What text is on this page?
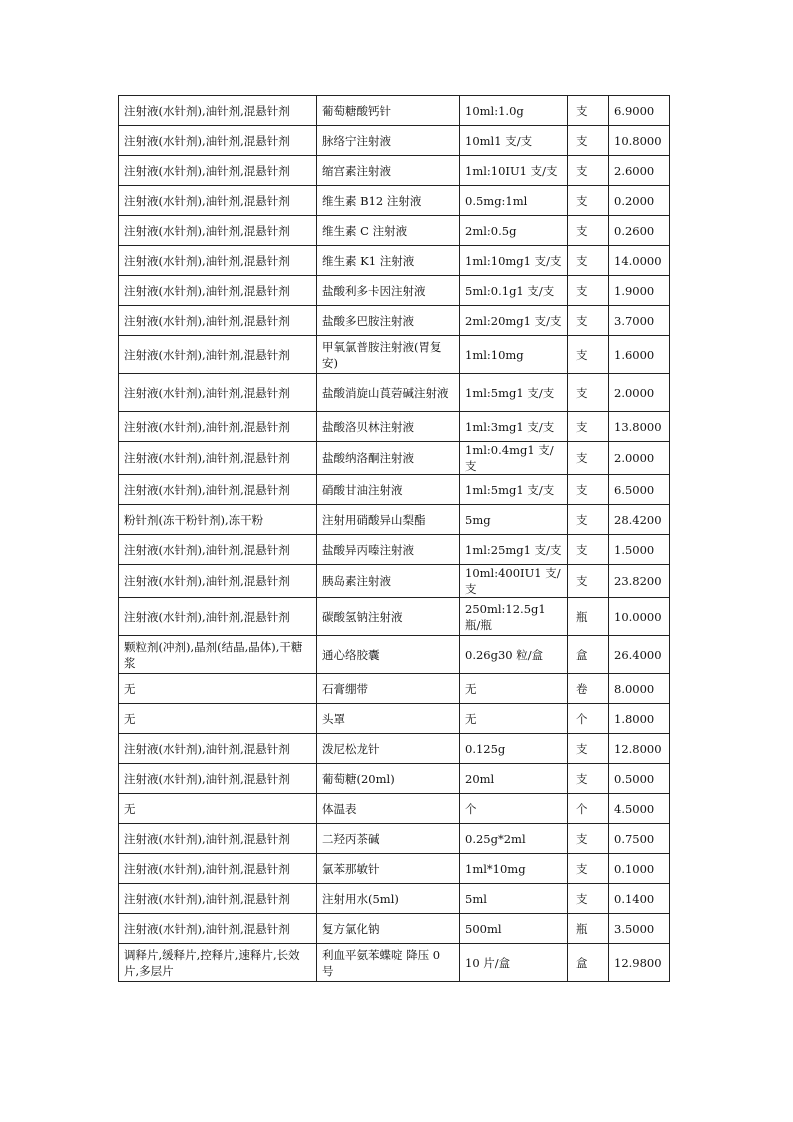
注射液(水针剂),油针剂,混悬针剂	葡萄糖酸钙针	10ml:1.0g	支	6.9000
注射液(水针剂),油针剂,混悬针剂	脉络宁注射液	10ml1 支/支	支	10.8000
注射液(水针剂),油针剂,混悬针剂	缩宫素注射液	1ml:10IU1 支/支	支	2.6000
注射液(水针剂),油针剂,混悬针剂	维生素 B12 注射液	0.5mg:1ml	支	0.2000
注射液(水针剂),油针剂,混悬针剂	维生素 C 注射液	2ml:0.5g	支	0.2600
注射液(水针剂),油针剂,混悬针剂	维生素 K1 注射液	1ml:10mg1 支/支	支	14.0000
注射液(水针剂),油针剂,混悬针剂	盐酸利多卡因注射液	5ml:0.1g1 支/支	支	1.9000
注射液(水针剂),油针剂,混悬针剂	盐酸多巴胺注射液	2ml:20mg1 支/支	支	3.7000
注射液(水针剂),油针剂,混悬针剂	甲氧氯普胺注射液(胃复安)	1ml:10mg	支	1.6000
注射液(水针剂),油针剂,混悬针剂	盐酸消旋山莨菪碱注射液	1ml:5mg1 支/支	支	2.0000
注射液(水针剂),油针剂,混悬针剂	盐酸洛贝林注射液	1ml:3mg1 支/支	支	13.8000
注射液(水针剂),油针剂,混悬针剂	盐酸纳洛酮注射液	1ml:0.4mg1 支/支	支	2.0000
注射液(水针剂),油针剂,混悬针剂	硝酸甘油注射液	1ml:5mg1 支/支	支	6.5000
粉针剂(冻干粉针剂),冻干粉	注射用硝酸异山梨酯	5mg	支	28.4200
注射液(水针剂),油针剂,混悬针剂	盐酸异丙嗪注射液	1ml:25mg1 支/支	支	1.5000
注射液(水针剂),油针剂,混悬针剂	胰岛素注射液	10ml:400IU1 支/支	支	23.8200
注射液(水针剂),油针剂,混悬针剂	碳酸氢钠注射液	250ml:12.5g1 瓶/瓶	瓶	10.0000
颗粒剂(冲剂),晶剂(结晶,晶体),干糖浆	通心络胶囊	0.26g30 粒/盒	盒	26.4000
无	石膏绷带	无	卷	8.0000
无	头罩	无	个	1.8000
注射液(水针剂),油针剂,混悬针剂	泼尼松龙针	0.125g	支	12.8000
注射液(水针剂),油针剂,混悬针剂	葡萄糖(20ml)	20ml	支	0.5000
无	体温表	个	个	4.5000
注射液(水针剂),油针剂,混悬针剂	二羟丙茶碱	0.25g*2ml	支	0.7500
注射液(水针剂),油针剂,混悬针剂	氯苯那敏针	1ml*10mg	支	0.1000
注射液(水针剂),油针剂,混悬针剂	注射用水(5ml)	5ml	支	0.1400
注射液(水针剂),油针剂,混悬针剂	复方氯化钠	500ml	瓶	3.5000
调释片,缓释片,控释片,速释片,长效片,多层片	利血平氨苯蝶啶 降压 0 号	10 片/盒	盒	12.9800
